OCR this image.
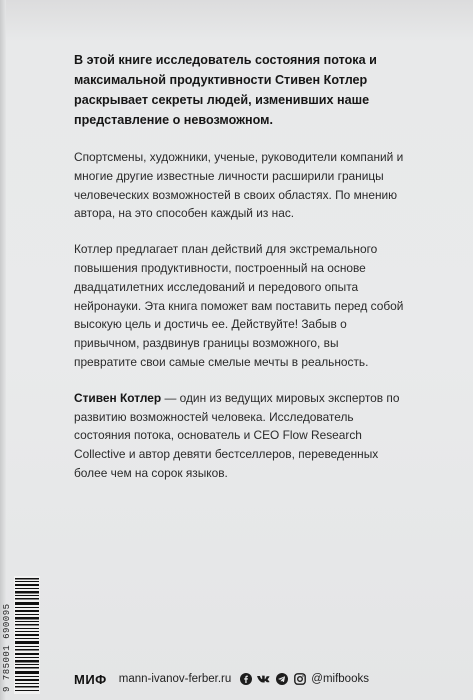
В этой книге исследователь состояния потока и максимальной продуктивности Стивен Котлер раскрывает секреты людей, изменивших наше представление о невозможном.

Спортсмены, художники, ученые, руководители компаний и многие другие известные личности расширили границы человеческих возможностей в своих областях. По мнению автора, на это способен каждый из нас.

Котлер предлагает план действий для экстремального повышения продуктивности, построенный на основе двадцатилетних исследований и передового опыта нейронауки. Эта книга поможет вам поставить перед собой высокую цель и достичь ее. Действуйте! Забыв о привычном, раздвинув границы возможного, вы превратите свои самые смелые мечты в реальность.

Стивен Котлер — один из ведущих мировых экспертов по развитию возможностей человека. Исследователь состояния потока, основатель и CEO Flow Research Collective и автор девяти бестселлеров, переведенных более чем на сорок языков.

9 785001 690095	МИФ mann-ivanov-ferber.ru	@mifbooks
